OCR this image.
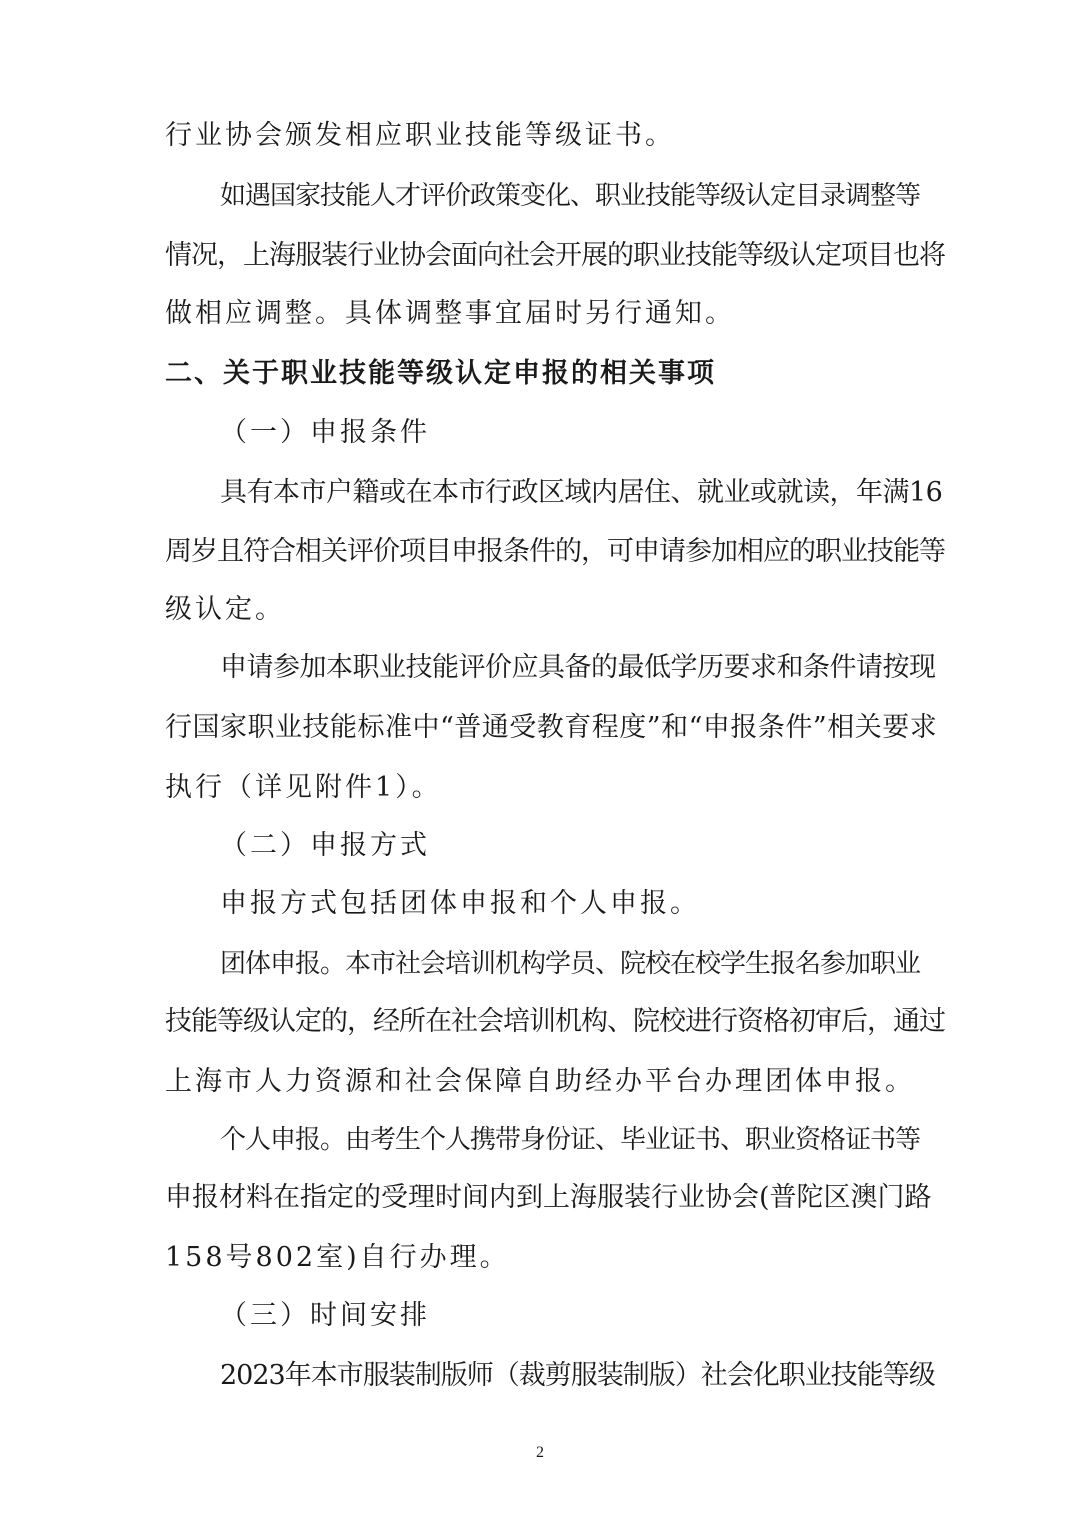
行业协会颁发相应职业技能等级证书。
如遇国家技能人才评价政策变化、职业技能等级认定目录调整等
情况，上海服装行业协会面向社会开展的职业技能等级认定项目也将
做相应调整。具体调整事宜届时另行通知。
二、关于职业技能等级认定申报的相关事项
（一）申报条件
具有本市户籍或在本市行政区域内居住、就业或就读，年满16
周岁且符合相关评价项目申报条件的，可申请参加相应的职业技能等
级认定。
申请参加本职业技能评价应具备的最低学历要求和条件请按现
行国家职业技能标准中“普通受教育程度”和“申报条件”相关要求
执行（详见附件1）。
（二）申报方式
申报方式包括团体申报和个人申报。
团体申报。本市社会培训机构学员、院校在校学生报名参加职业
技能等级认定的，经所在社会培训机构、院校进行资格初审后，通过
上海市人力资源和社会保障自助经办平台办理团体申报。
个人申报。由考生个人携带身份证、毕业证书、职业资格证书等
申报材料在指定的受理时间内到上海服装行业协会(普陀区澳门路
158号802室)自行办理。
（三）时间安排
2023年本市服装制版师（裁剪服装制版）社会化职业技能等级
2
